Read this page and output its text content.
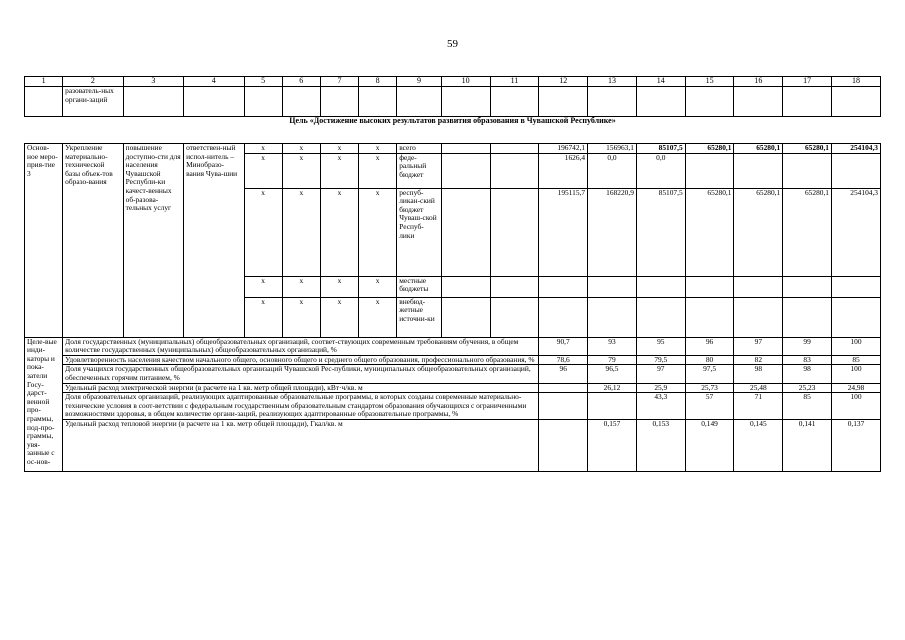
59
1	2	3	4	5	6	7	8	9	10	11	12	13	14	15	16	17	18
	разователь-ных органи-заций																
Цель «Достижение высоких результатов развития образования в Чувашской Республике»																	
Основ-ное меро-прия-тие 3	Укрепление материально-технической базы объек-тов образо-вания	повышение доступно-сти для населения Чувашской Республи-ки качест-венных об-разова-тельных услуг	ответствен-ный испол-нитель – Минобразо-вания Чува-шии	x	x	x	x	всего			196742,1	156963,1	85107,5	65280,1	65280,1	65280,1	254104,3
				x	x	x	x	феде-ральный бюджет			1626,4	0,0	0,0				
				x	x	x	x	респуб-ликан-ский бюджет Чуваш-ской Респуб-лики			195115,7	168220,9	85107,5	65280,1	65280,1	65280,1	254104,3
				x	x	x	x	местные бюджеты									
				x	x	x	x	внебюд-жетные источни-ки									
Целе-вые инди-каторы и пока-затели Госу-дарст-венной про-граммы, под-про-граммы, увя-занные с ос-нов-	Доля государственных (муниципальных) общеобразовательных организаций, соответ-ствующих современным требованиям обучения, в общем количестве государственных (муниципальных) общеобразовательных организаций, %										90,7	93	95	96	97	99	100
	Удовлетворенность населения качеством начального общего, основного общего и среднего общего образования, профессионального образования, %										78,6	79	79,5	80	82	83	85
	Доля учащихся государственных общеобразовательных организаций Чувашской Рес-публики, муниципальных общеобразовательных организаций, обеспеченных горячим питанием, %										96	96,5	97	97,5	98	98	100
	Удельный расход электрической энергии (в расчете на 1 кв. метр общей площади), кВт·ч/кв. м											26,12	25,9	25,73	25,48	25,23	24,98
	Доля образовательных организаций, реализующих адаптированные образовательные программы, в которых созданы современные материально-технические условия в соот-ветствии с федеральным государственным образовательным стандартом образования обучающихся с ограниченными возможностями здоровья, в общем количестве органи-заций, реализующих адаптированные образовательные программы, %												43,3	57	71	85	100
	Удельный расход тепловой энергии (в расчете на 1 кв. метр общей площади), Гкал/кв. м											0,157	0,153	0,149	0,145	0,141	0,137
